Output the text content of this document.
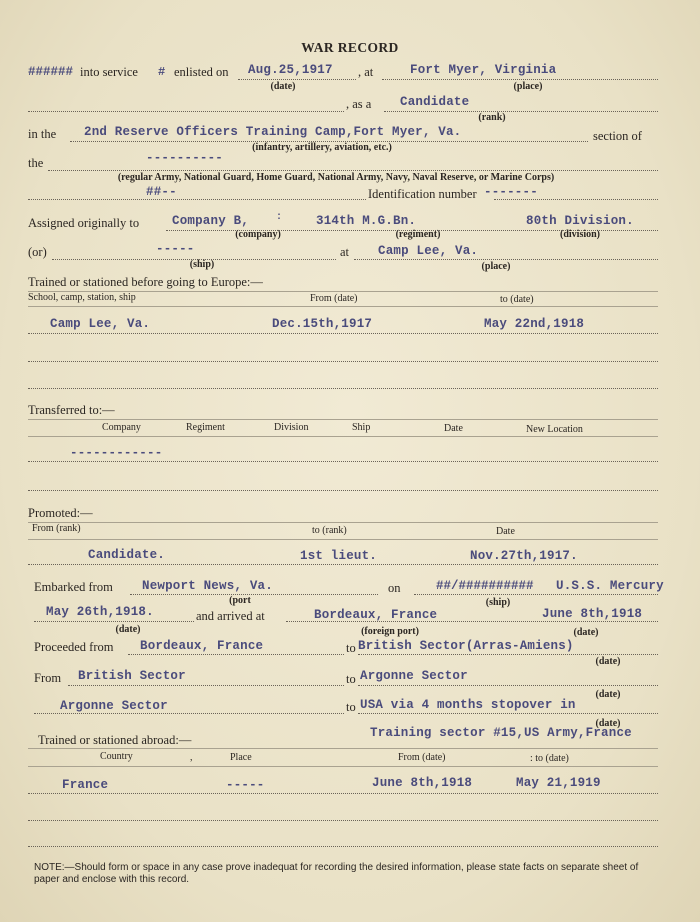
WAR RECORD
###### into service # enlisted on Aug.25,1917 , at	Fort Myer, Virginia
(date)	(place)
, as a Candidate
(rank)
in the 2nd Reserve Officers Training Camp,Fort Myer, Va.	section of
(infantry, artillery, aviation, etc.)
the	----------
(regular Army, National Guard, Home Guard, National Army, Navy, Naval Reserve, or Marine Corps)
##--	Identification number -------
Assigned originally to	Company B,	:	314th M.G.Bn.	80th Division.
(company)	(regiment)	(division)
(or)	-----	at Camp Lee, Va.
(ship)	(place)
Trained or stationed before going to Europe:—
School, camp, station, ship	From (date)	to (date)
Camp Lee, Va.	Dec.15th,1917	May 22nd,1918
Transferred to:—
Company	Regiment	Division	Ship	Date	New Location
------------
Promoted:—
From (rank)	to (rank)	Date
Candidate.	1st lieut.	Nov.27th,1917.
Embarked from Newport News, Va.	on	##/########## U.S.S. Mercury
(port	(ship)
May 26th,1918.	and arrived at	Bordeaux, France	June 8th,1918
(date)	(foreign port)	(date)
Proceeded from Bordeaux, France	to British Sector(Arras-Amiens)
(date)
From British Sector	to Argonne Sector
(date)
Argonne Sector	to USA via 4 months stopover in
(date)
Trained or stationed abroad:—	Training sector #15,US Army,France
Country	,	Place	From (date)	: to (date)
France	-----	June 8th,1918	May 21,1919
NOTE:—Should form or space in any case prove inadequat for recording the desired information, please state facts on separate sheet of paper and enclose with this record.
